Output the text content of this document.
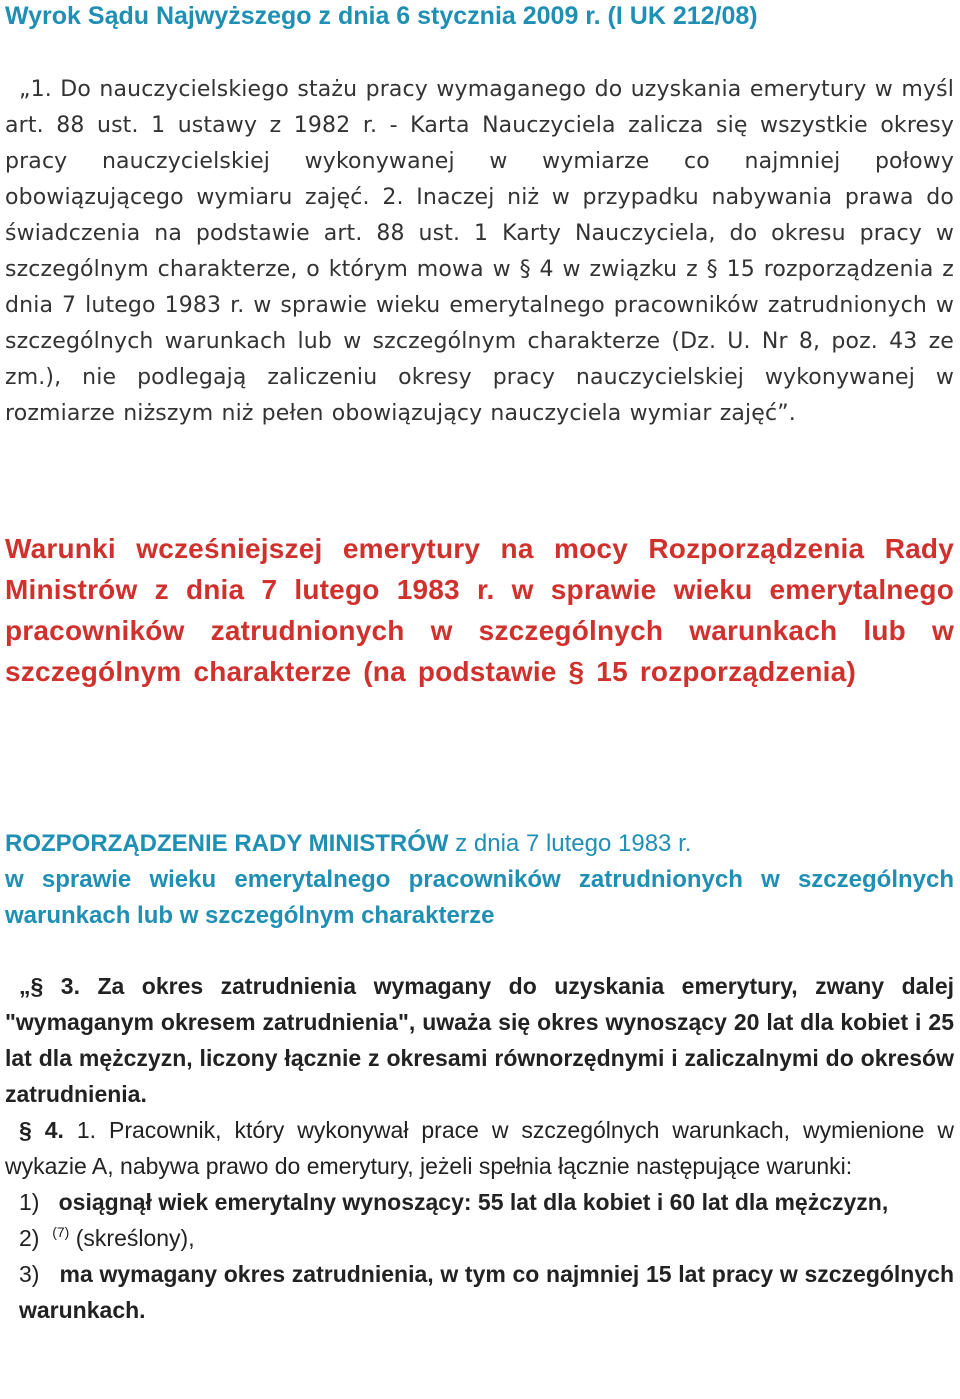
Wyrok Sądu Najwyższego z dnia 6 stycznia 2009 r. (I UK 212/08)

„1. Do nauczycielskiego stażu pracy wymaganego do uzyskania emerytury w myśl art. 88 ust. 1 ustawy z 1982 r. - Karta Nauczyciela zalicza się wszystkie okresy pracy nauczycielskiej wykonywanej w wymiarze co najmniej połowy obowiązującego wymiaru zajęć. 2. Inaczej niż w przypadku nabywania prawa do świadczenia na podstawie art. 88 ust. 1 Karty Nauczyciela, do okresu pracy w szczególnym charakterze, o którym mowa w § 4 w związku z § 15 rozporządzenia z dnia 7 lutego 1983 r. w sprawie wieku emerytalnego pracowników zatrudnionych w szczególnych warunkach lub w szczególnym charakterze (Dz. U. Nr 8, poz. 43 ze zm.), nie podlegają zaliczeniu okresy pracy nauczycielskiej wykonywanej w rozmiarze niższym niż pełen obowiązujący nauczyciela wymiar zajęć”.

Warunki wcześniejszej emerytury na mocy Rozporządzenia Rady Ministrów z dnia 7 lutego 1983 r. w sprawie wieku emerytalnego pracowników zatrudnionych w szczególnych warunkach lub w szczególnym charakterze (na podstawie § 15 rozporządzenia)
ROZPORZĄDZENIE RADY MINISTRÓW z dnia 7 lutego 1983 r.
w sprawie wieku emerytalnego pracowników zatrudnionych w szczególnych warunkach lub w szczególnym charakterze

„§ 3. Za okres zatrudnienia wymagany do uzyskania emerytury, zwany dalej "wymaganym okresem zatrudnienia", uważa się okres wynoszący 20 lat dla kobiet i 25 lat dla mężczyzn, liczony łącznie z okresami równorzędnymi i zaliczalnymi do okresów zatrudnienia.

§ 4. 1. Pracownik, który wykonywał prace w szczególnych warunkach, wymienione w wykazie A, nabywa prawo do emerytury, jeżeli spełnia łącznie następujące warunki:

1) osiągnął wiek emerytalny wynoszący: 55 lat dla kobiet i 60 lat dla mężczyzn,

2) $^{(7)}$ (skreślony),

3) ma wymagany okres zatrudnienia, w tym co najmniej 15 lat pracy w szczególnych warunkach.
